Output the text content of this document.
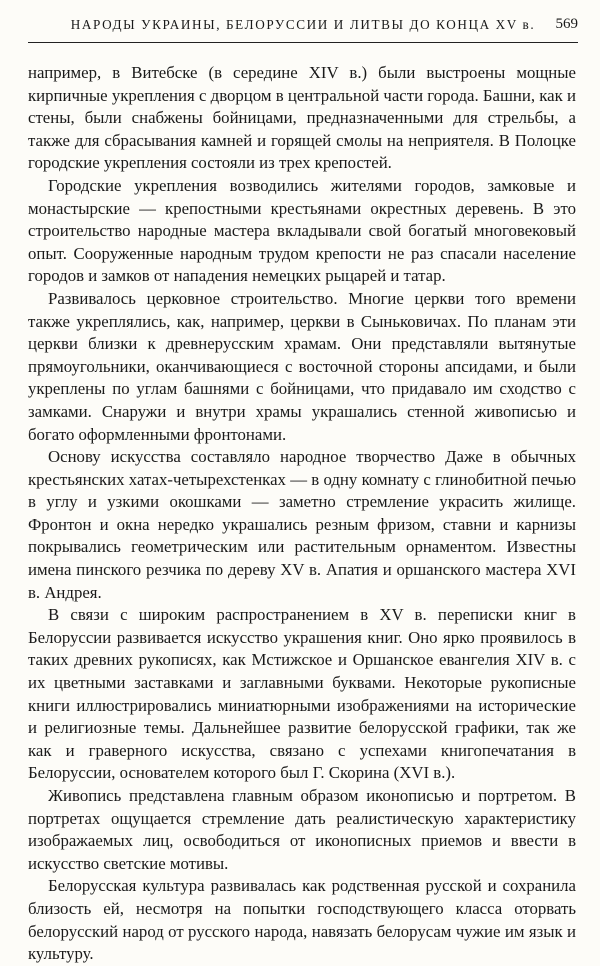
НАРОДЫ УКРАИНЫ, БЕЛОРУССИИ И ЛИТВЫ ДО КОНЦА XV в.	569

например, в Витебске (в середине XIV в.) были выстроены мощные кирпичные укрепления с дворцом в центральной части города. Башни, как и стены, были снабжены бойницами, предназначенными для стрельбы, а также для сбрасывания камней и горящей смолы на неприятеля. В Полоцке городские укрепления состояли из трех крепостей.

Городские укрепления возводились жителями городов, замковые и монастырские — крепостными крестьянами окрестных деревень. В это строительство народные мастера вкладывали свой богатый многовековый опыт. Сооруженные народным трудом крепости не раз спасали население городов и замков от нападения немецких рыцарей и татар.

Развивалось церковное строительство. Многие церкви того времени также укреплялись, как, например, церкви в Сыньковичах. По планам эти церкви близки к древнерусским храмам. Они представляли вытянутые прямоугольники, оканчивающиеся с восточной стороны апсидами, и были укреплены по углам башнями с бойницами, что придавало им сходство с замками. Снаружи и внутри храмы украшались стенной живописью и богато оформленными фронтонами.

Основу искусства составляло народное творчество Даже в обычных крестьянских хатах-четырехстенках — в одну комнату с глинобитной печью в углу и узкими окошками — заметно стремление украсить жилище. Фронтон и окна нередко украшались резным фризом, ставни и карнизы покрывались геометрическим или растительным орнаментом. Известны имена пинского резчика по дереву XV в. Апатия и оршанского мастера XVI в. Андрея.

В связи с широким распространением в XV в. переписки книг в Белоруссии развивается искусство украшения книг. Оно ярко проявилось в таких древних рукописях, как Мстижское и Оршанское евангелия XIV в. с их цветными заставками и заглавными буквами. Некоторые рукописные книги иллюстрировались миниатюрными изображениями на исторические и религиозные темы. Дальнейшее развитие белорусской графики, так же как и граверного искусства, связано с успехами книгопечатания в Белоруссии, основателем которого был Г. Скорина (XVI в.).

Живопись представлена главным образом иконописью и портретом. В портретах ощущается стремление дать реалистическую характеристику изображаемых лиц, освободиться от иконописных приемов и ввести в искусство светские мотивы.

Белорусская культура развивалась как родственная русской и сохранила близость ей, несмотря на попытки господствующего класса оторвать белорусский народ от русского народа, навязать белорусам чужие им язык и культуру.
